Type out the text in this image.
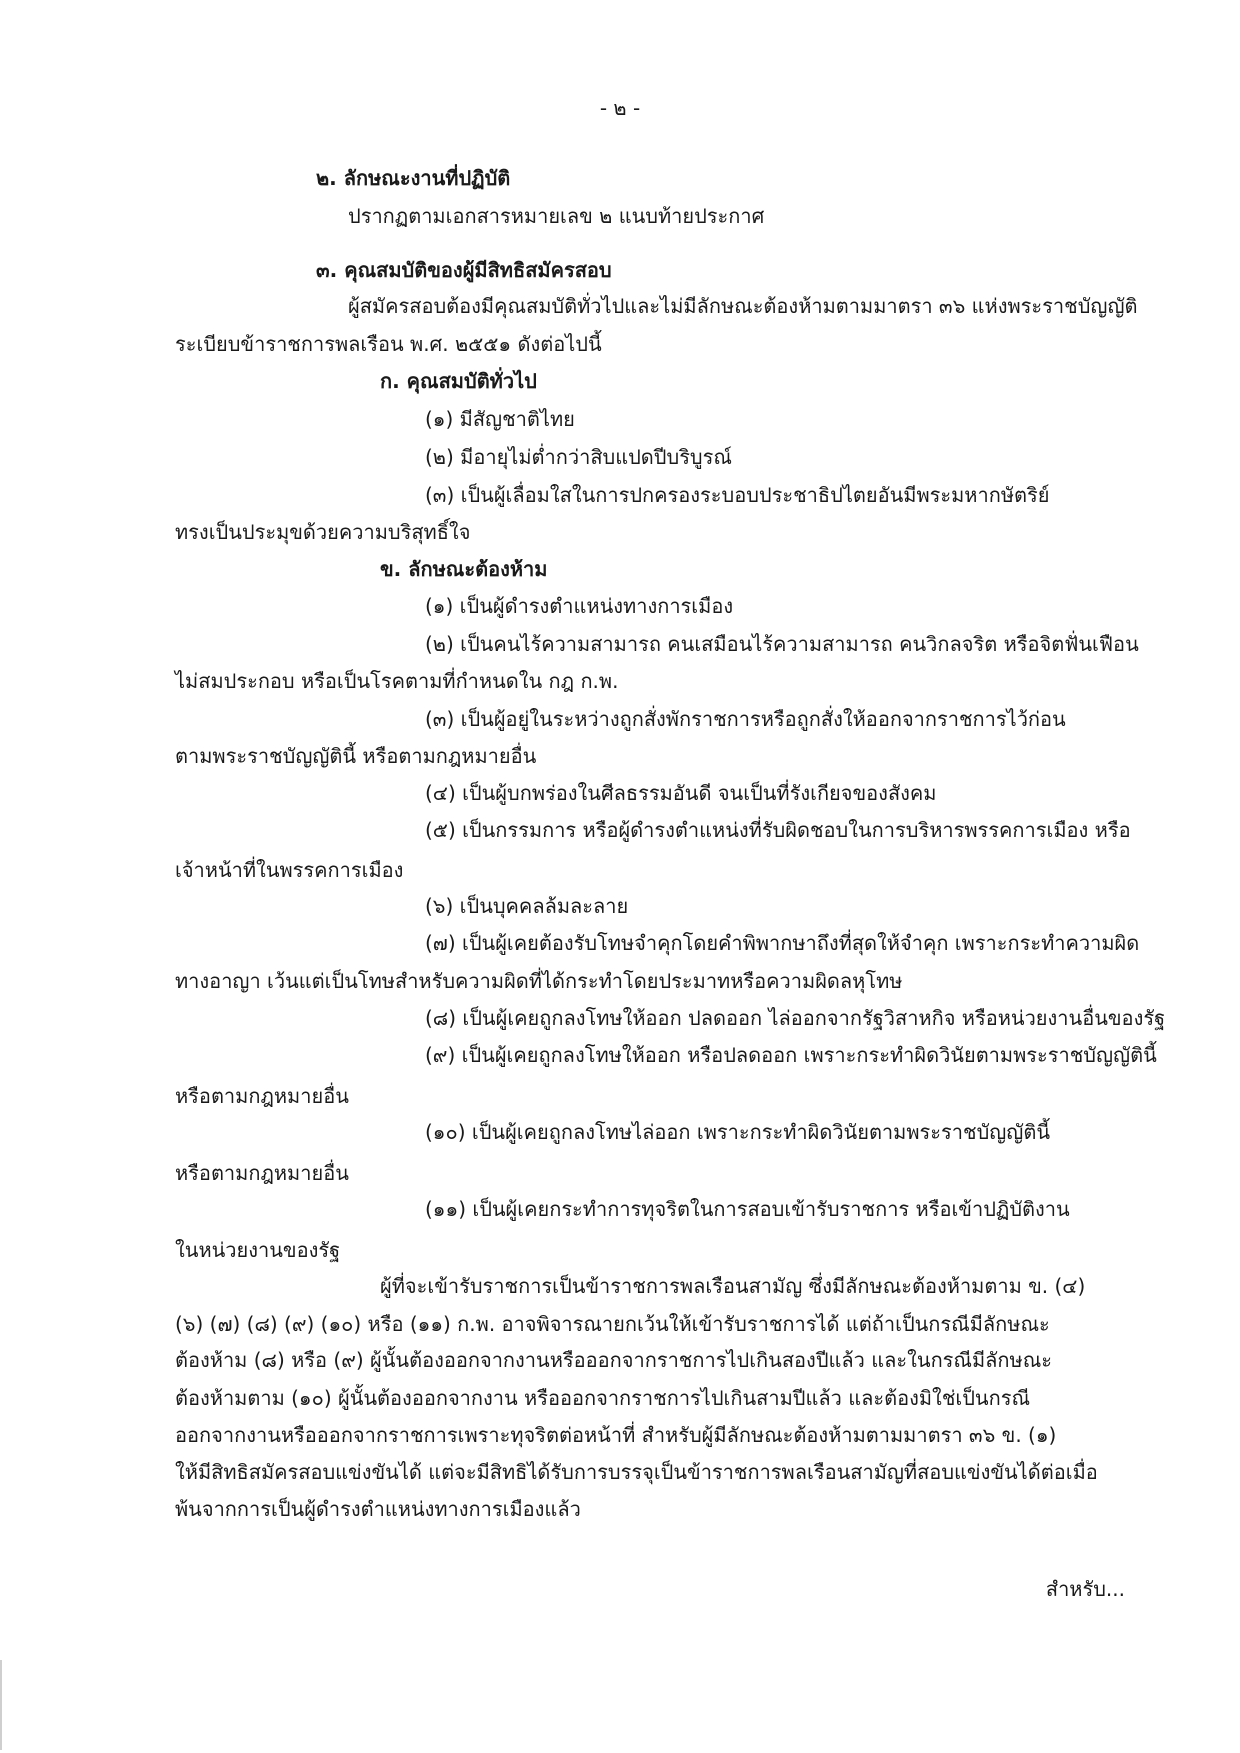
- ๒ -
๒. ลักษณะงานที่ปฏิบัติ
ปรากฏตามเอกสารหมายเลข ๒ แนบท้ายประกาศ
๓. คุณสมบัติของผู้มีสิทธิสมัครสอบ
ผู้สมัครสอบต้องมีคุณสมบัติทั่วไปและไม่มีลักษณะต้องห้ามตามมาตรา ๓๖ แห่งพระราชบัญญัติ
ระเบียบข้าราชการพลเรือน พ.ศ. ๒๕๕๑ ดังต่อไปนี้
ก. คุณสมบัติทั่วไป
(๑) มีสัญชาติไทย
(๒) มีอายุไม่ต่ำกว่าสิบแปดปีบริบูรณ์
(๓) เป็นผู้เลื่อมใสในการปกครองระบอบประชาธิปไตยอันมีพระมหากษัตริย์
ทรงเป็นประมุขด้วยความบริสุทธิ์ใจ
ข. ลักษณะต้องห้าม
(๑) เป็นผู้ดำรงตำแหน่งทางการเมือง
(๒) เป็นคนไร้ความสามารถ คนเสมือนไร้ความสามารถ คนวิกลจริต หรือจิตฟั่นเฟือน
ไม่สมประกอบ หรือเป็นโรคตามที่กำหนดใน กฎ ก.พ.
(๓) เป็นผู้อยู่ในระหว่างถูกสั่งพักราชการหรือถูกสั่งให้ออกจากราชการไว้ก่อน
ตามพระราชบัญญัตินี้ หรือตามกฎหมายอื่น
(๔) เป็นผู้บกพร่องในศีลธรรมอันดี จนเป็นที่รังเกียจของสังคม
(๕) เป็นกรรมการ หรือผู้ดำรงตำแหน่งที่รับผิดชอบในการบริหารพรรคการเมือง หรือ
เจ้าหน้าที่ในพรรคการเมือง
(๖) เป็นบุคคลล้มละลาย
(๗) เป็นผู้เคยต้องรับโทษจำคุกโดยคำพิพากษาถึงที่สุดให้จำคุก เพราะกระทำความผิด
ทางอาญา เว้นแต่เป็นโทษสำหรับความผิดที่ได้กระทำโดยประมาทหรือความผิดลหุโทษ
(๘) เป็นผู้เคยถูกลงโทษให้ออก ปลดออก ไล่ออกจากรัฐวิสาหกิจ หรือหน่วยงานอื่นของรัฐ
(๙) เป็นผู้เคยถูกลงโทษให้ออก หรือปลดออก เพราะกระทำผิดวินัยตามพระราชบัญญัตินี้
หรือตามกฎหมายอื่น
(๑๐) เป็นผู้เคยถูกลงโทษไล่ออก เพราะกระทำผิดวินัยตามพระราชบัญญัตินี้
หรือตามกฎหมายอื่น
(๑๑) เป็นผู้เคยกระทำการทุจริตในการสอบเข้ารับราชการ หรือเข้าปฏิบัติงาน
ในหน่วยงานของรัฐ
ผู้ที่จะเข้ารับราชการเป็นข้าราชการพลเรือนสามัญ ซึ่งมีลักษณะต้องห้ามตาม ข. (๔)
(๖) (๗) (๘) (๙) (๑๐) หรือ (๑๑) ก.พ. อาจพิจารณายกเว้นให้เข้ารับราชการได้ แต่ถ้าเป็นกรณีมีลักษณะ
ต้องห้าม (๘) หรือ (๙) ผู้นั้นต้องออกจากงานหรือออกจากราชการไปเกินสองปีแล้ว และในกรณีมีลักษณะ
ต้องห้ามตาม (๑๐) ผู้นั้นต้องออกจากงาน หรือออกจากราชการไปเกินสามปีแล้ว และต้องมิใช่เป็นกรณี
ออกจากงานหรือออกจากราชการเพราะทุจริตต่อหน้าที่ สำหรับผู้มีลักษณะต้องห้ามตามมาตรา ๓๖ ข. (๑)
ให้มีสิทธิสมัครสอบแข่งขันได้ แต่จะมีสิทธิได้รับการบรรจุเป็นข้าราชการพลเรือนสามัญที่สอบแข่งขันได้ต่อเมื่อ
พ้นจากการเป็นผู้ดำรงตำแหน่งทางการเมืองแล้ว
สำหรับ...
